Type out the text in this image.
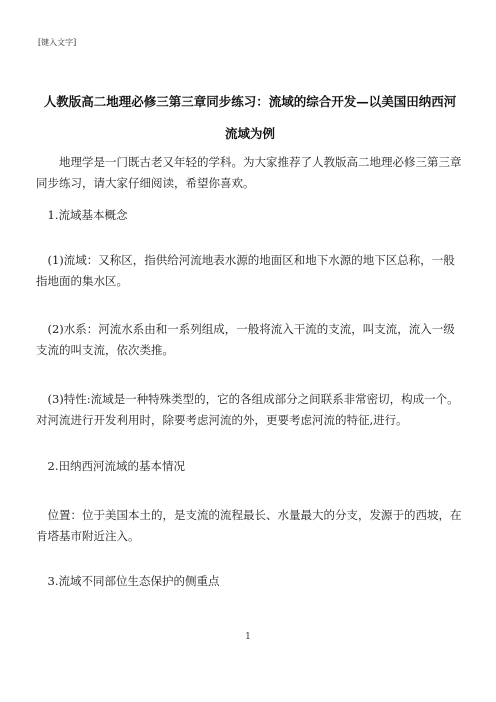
[键入文字]
人教版高二地理必修三第三章同步练习：流域的综合开发—以美国田纳西河
流域为例
地理学是一门既古老又年轻的学科。为大家推荐了人教版高二地理必修三第三章同步练习，请大家仔细阅读，希望你喜欢。
1.流域基本概念
(1)流域：又称区，指供给河流地表水源的地面区和地下水源的地下区总称，一般指地面的集水区。
(2)水系：河流水系由和一系列组成，一般将流入干流的支流，叫支流，流入一级支流的叫支流，依次类推。
(3)特性:流域是一种特殊类型的，它的各组成部分之间联系非常密切，构成一个。对河流进行开发利用时，除要考虑河流的外，更要考虑河流的特征,进行。
2.田纳西河流域的基本情况
位置：位于美国本土的，是支流的流程最长、水量最大的分支，发源于的西坡，在肯塔基市附近注入。
3.流域不同部位生态保护的侧重点
1
